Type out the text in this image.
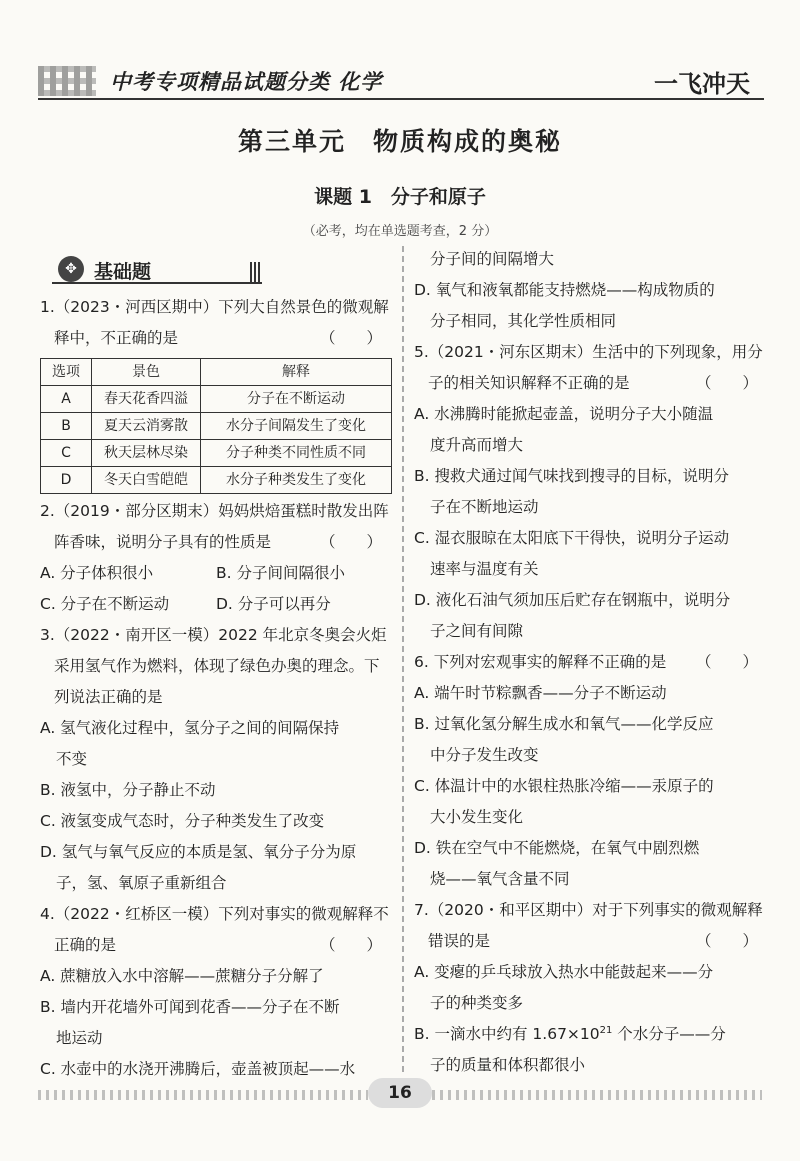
中考专项精品试题分类 化学	一飞冲天
第三单元　物质构成的奥秘
课题 1　分子和原子
（必考，均在单选题考查，2 分）
✥ 基础题
1.（2023・河西区期中）下列大自然景色的微观解释中，不正确的是	（　　）
选项	景色	解释
A	春天花香四溢	分子在不断运动
B	夏天云消雾散	水分子间隔发生了变化
C	秋天层林尽染	分子种类不同性质不同
D	冬天白雪皑皑	水分子种类发生了变化
2.（2019・部分区期末）妈妈烘焙蛋糕时散发出阵阵香味，说明分子具有的性质是	（　　）
A. 分子体积很小	B. 分子间间隔很小
C. 分子在不断运动	D. 分子可以再分
3.（2022・南开区一模）2022 年北京冬奥会火炬采用氢气作为燃料，体现了绿色办奥的理念。下列说法正确的是
A. 氢气液化过程中，氢分子之间的间隔保持
不变
B. 液氢中，分子静止不动
C. 液氢变成气态时，分子种类发生了改变
D. 氢气与氧气反应的本质是氢、氧分子分为原
子，氢、氧原子重新组合
4.（2022・红桥区一模）下列对事实的微观解释不正确的是	（　　）
A. 蔗糖放入水中溶解——蔗糖分子分解了
B. 墙内开花墙外可闻到花香——分子在不断
地运动
C. 水壶中的水浇开沸腾后，壶盖被顶起——水
分子间的间隔增大
D. 氧气和液氧都能支持燃烧——构成物质的
分子相同，其化学性质相同
5.（2021・河东区期末）生活中的下列现象，用分子的相关知识解释不正确的是	（　　）
A. 水沸腾时能掀起壶盖，说明分子大小随温
度升高而增大
B. 搜救犬通过闻气味找到搜寻的目标，说明分
子在不断地运动
C. 湿衣服晾在太阳底下干得快，说明分子运动
速率与温度有关
D. 液化石油气须加压后贮存在钢瓶中，说明分
子之间有间隙
6. 下列对宏观事实的解释不正确的是 （　　）
A. 端午时节粽飘香——分子不断运动
B. 过氧化氢分解生成水和氧气——化学反应
中分子发生改变
C. 体温计中的水银柱热胀冷缩——汞原子的
大小发生变化
D. 铁在空气中不能燃烧，在氧气中剧烈燃
烧——氧气含量不同
7.（2020・和平区期中）对于下列事实的微观解释错误的是	（　　）
A. 变瘪的乒乓球放入热水中能鼓起来——分
子的种类变多
B. 一滴水中约有 $1.67\times 10^{21}$ 个水分子——分
子的质量和体积都很小
16
